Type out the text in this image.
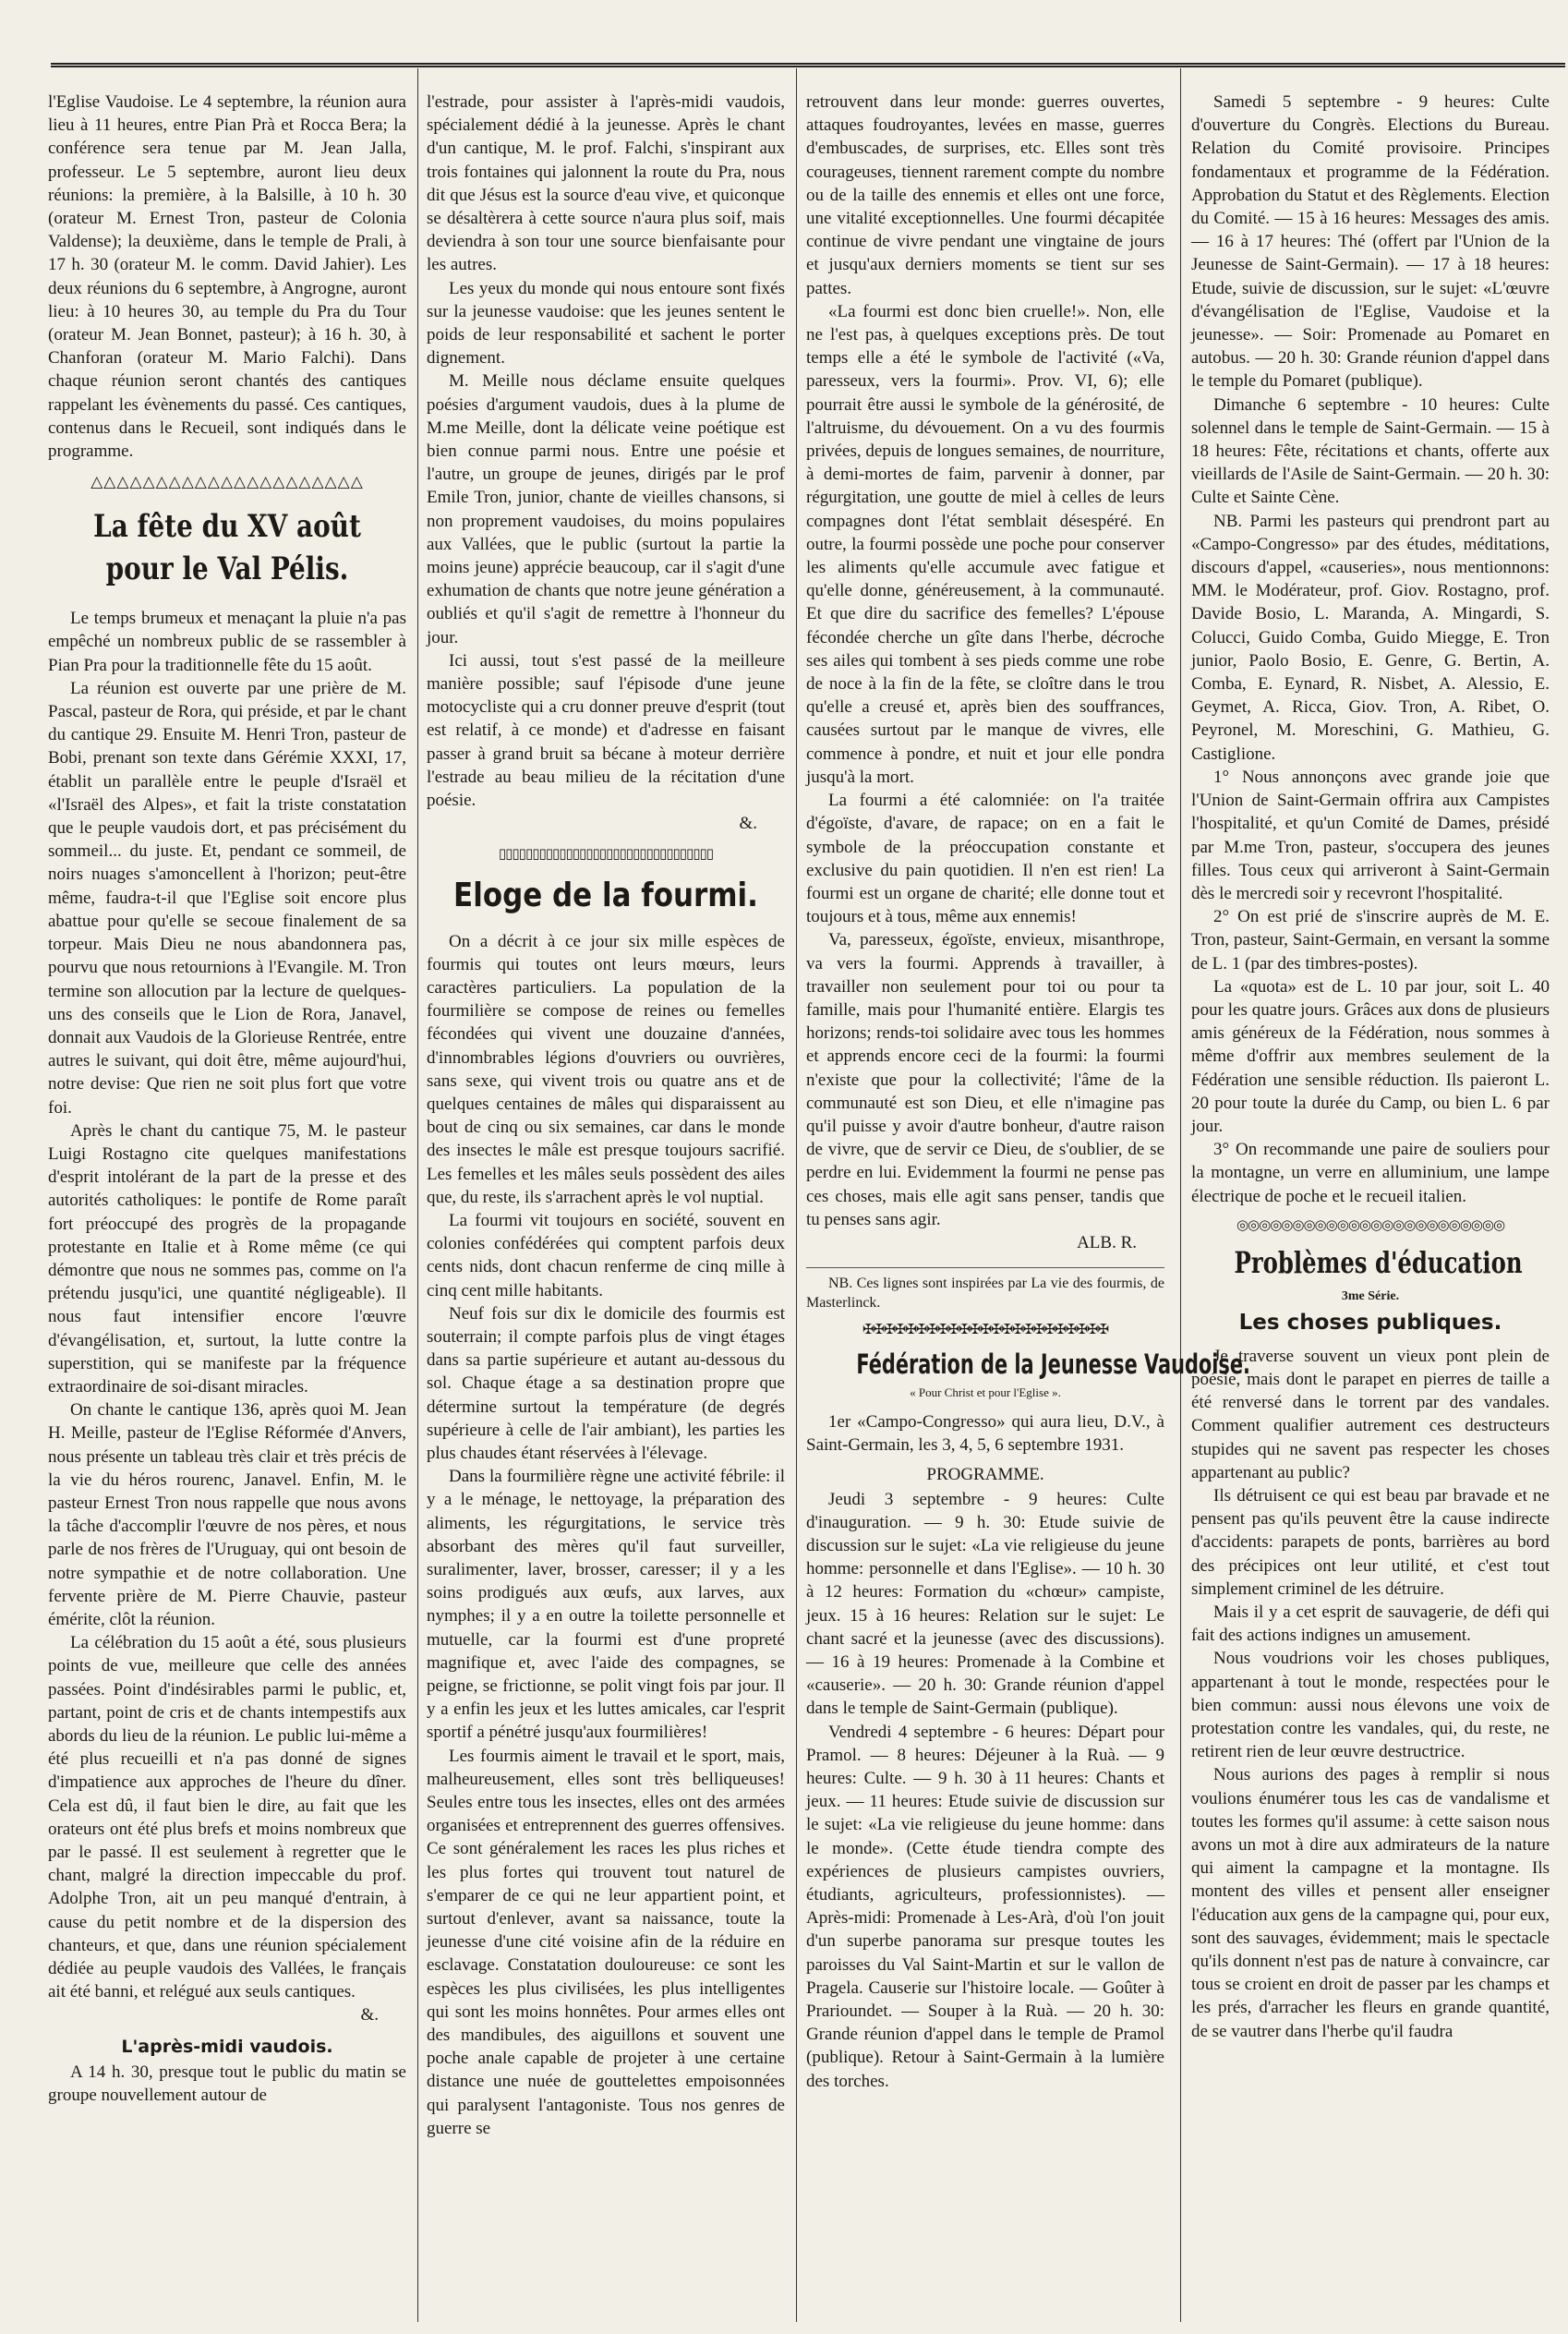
l'Eglise Vaudoise. Le 4 septembre, la réunion aura lieu à 11 heures, entre Pian Prà et Rocca Bera; la conférence sera tenue par M. Jean Jalla, professeur. Le 5 septembre, auront lieu deux réunions: la première, à la Balsille, à 10 h. 30 (orateur M. Ernest Tron, pasteur de Colonia Valdense); la deuxième, dans le temple de Prali, à 17 h. 30 (orateur M. le comm. David Jahier). Les deux réunions du 6 septembre, à Angrogne, auront lieu: à 10 heures 30, au temple du Pra du Tour (orateur M. Jean Bonnet, pasteur); à 16 h. 30, à Chanforan (orateur M. Mario Falchi). Dans chaque réunion seront chantés des cantiques rappelant les évènements du passé. Ces cantiques, contenus dans le Recueil, sont indiqués dans le programme.

△△△△△△△△△△△△△△△△△△△△△
La fête du XV août
pour le Val Pélis.

Le temps brumeux et menaçant la pluie n'a pas empêché un nombreux public de se rassembler à Pian Pra pour la traditionnelle fête du 15 août.

La réunion est ouverte par une prière de M. Pascal, pasteur de Rora, qui préside, et par le chant du cantique 29. Ensuite M. Henri Tron, pasteur de Bobi, prenant son texte dans Gérémie XXXI, 17, établit un parallèle entre le peuple d'Israël et «l'Israël des Alpes», et fait la triste constatation que le peuple vaudois dort, et pas précisément du sommeil... du juste. Et, pendant ce sommeil, de noirs nuages s'amoncellent à l'horizon; peut-être même, faudra-t-il que l'Eglise soit encore plus abattue pour qu'elle se secoue finalement de sa torpeur. Mais Dieu ne nous abandonnera pas, pourvu que nous retournions à l'Evangile. M. Tron termine son allocution par la lecture de quelques-uns des conseils que le Lion de Rora, Janavel, donnait aux Vaudois de la Glorieuse Rentrée, entre autres le suivant, qui doit être, même aujourd'hui, notre devise: Que rien ne soit plus fort que votre foi.

Après le chant du cantique 75, M. le pasteur Luigi Rostagno cite quelques manifestations d'esprit intolérant de la part de la presse et des autorités catholiques: le pontife de Rome paraît fort préoccupé des progrès de la propagande protestante en Italie et à Rome même (ce qui démontre que nous ne sommes pas, comme on l'a prétendu jusqu'ici, une quantité négligeable). Il nous faut intensifier encore l'œuvre d'évangélisation, et, surtout, la lutte contre la superstition, qui se manifeste par la fréquence extraordinaire de soi-disant miracles.

On chante le cantique 136, après quoi M. Jean H. Meille, pasteur de l'Eglise Réformée d'Anvers, nous présente un tableau très clair et très précis de la vie du héros rourenc, Janavel. Enfin, M. le pasteur Ernest Tron nous rappelle que nous avons la tâche d'accomplir l'œuvre de nos pères, et nous parle de nos frères de l'Uruguay, qui ont besoin de notre sympathie et de notre collaboration. Une fervente prière de M. Pierre Chauvie, pasteur émérite, clôt la réunion.

La célébration du 15 août a été, sous plusieurs points de vue, meilleure que celle des années passées. Point d'indésirables parmi le public, et, partant, point de cris et de chants intempestifs aux abords du lieu de la réunion. Le public lui-même a été plus recueilli et n'a pas donné de signes d'impatience aux approches de l'heure du dîner. Cela est dû, il faut bien le dire, au fait que les orateurs ont été plus brefs et moins nombreux que par le passé. Il est seulement à regretter que le chant, malgré la direction impeccable du prof. Adolphe Tron, ait un peu manqué d'entrain, à cause du petit nombre et de la dispersion des chanteurs, et que, dans une réunion spécialement dédiée au peuple vaudois des Vallées, le français ait été banni, et relégué aux seuls cantiques.

&.
L'après-midi vaudois.

A 14 h. 30, presque tout le public du matin se groupe nouvellement autour de

l'estrade, pour assister à l'après-midi vaudois, spécialement dédié à la jeunesse. Après le chant d'un cantique, M. le prof. Falchi, s'inspirant aux trois fontaines qui jalonnent la route du Pra, nous dit que Jésus est la source d'eau vive, et quiconque se désaltèrera à cette source n'aura plus soif, mais deviendra à son tour une source bienfaisante pour les autres.

Les yeux du monde qui nous entoure sont fixés sur la jeunesse vaudoise: que les jeunes sentent le poids de leur responsabilité et sachent le porter dignement.

M. Meille nous déclame ensuite quelques poésies d'argument vaudois, dues à la plume de M.me Meille, dont la délicate veine poétique est bien connue parmi nous. Entre une poésie et l'autre, un groupe de jeunes, dirigés par le prof Emile Tron, junior, chante de vieilles chansons, si non proprement vaudoises, du moins populaires aux Vallées, que le public (surtout la partie la moins jeune) apprécie beaucoup, car il s'agit d'une exhumation de chants que notre jeune génération a oubliés et qu'il s'agit de remettre à l'honneur du jour.

Ici aussi, tout s'est passé de la meilleure manière possible; sauf l'épisode d'une jeune motocycliste qui a cru donner preuve d'esprit (tout est relatif, à ce monde) et d'adresse en faisant passer à grand bruit sa bécane à moteur derrière l'estrade au beau milieu de la récitation d'une poésie.

&.
▯▯▯▯▯▯▯▯▯▯▯▯▯▯▯▯▯▯▯▯▯▯▯▯▯▯▯▯▯▯▯▯
Eloge de la fourmi.

On a décrit à ce jour six mille espèces de fourmis qui toutes ont leurs mœurs, leurs caractères particuliers. La population de la fourmilière se compose de reines ou femelles fécondées qui vivent une douzaine d'années, d'innombrables légions d'ouvriers ou ouvrières, sans sexe, qui vivent trois ou quatre ans et de quelques centaines de mâles qui disparaissent au bout de cinq ou six semaines, car dans le monde des insectes le mâle est presque toujours sacrifié. Les femelles et les mâles seuls possèdent des ailes que, du reste, ils s'arrachent après le vol nuptial.

La fourmi vit toujours en société, souvent en colonies confédérées qui comptent parfois deux cents nids, dont chacun renferme de cinq mille à cinq cent mille habitants.

Neuf fois sur dix le domicile des fourmis est souterrain; il compte parfois plus de vingt étages dans sa partie supérieure et autant au-dessous du sol. Chaque étage a sa destination propre que détermine surtout la température (de degrés supérieure à celle de l'air ambiant), les parties les plus chaudes étant réservées à l'élevage.

Dans la fourmilière règne une activité fébrile: il y a le ménage, le nettoyage, la préparation des aliments, les régurgitations, le service très absorbant des mères qu'il faut surveiller, suralimenter, laver, brosser, caresser; il y a les soins prodigués aux œufs, aux larves, aux nymphes; il y a en outre la toilette personnelle et mutuelle, car la fourmi est d'une propreté magnifique et, avec l'aide des compagnes, se peigne, se frictionne, se polit vingt fois par jour. Il y a enfin les jeux et les luttes amicales, car l'esprit sportif a pénétré jusqu'aux fourmilières!

Les fourmis aiment le travail et le sport, mais, malheureusement, elles sont très belliqueuses! Seules entre tous les insectes, elles ont des armées organisées et entreprennent des guerres offensives. Ce sont généralement les races les plus riches et les plus fortes qui trouvent tout naturel de s'emparer de ce qui ne leur appartient point, et surtout d'enlever, avant sa naissance, toute la jeunesse d'une cité voisine afin de la réduire en esclavage. Constatation douloureuse: ce sont les espèces les plus civilisées, les plus intelligentes qui sont les moins honnêtes. Pour armes elles ont des mandibules, des aiguillons et souvent une poche anale capable de projeter à une certaine distance une nuée de gouttelettes empoisonnées qui paralysent l'antagoniste. Tous nos genres de guerre se

retrouvent dans leur monde: guerres ouvertes, attaques foudroyantes, levées en masse, guerres d'embuscades, de surprises, etc. Elles sont très courageuses, tiennent rarement compte du nombre ou de la taille des ennemis et elles ont une force, une vitalité exceptionnelles. Une fourmi décapitée continue de vivre pendant une vingtaine de jours et jusqu'aux derniers moments se tient sur ses pattes.

«La fourmi est donc bien cruelle!». Non, elle ne l'est pas, à quelques exceptions près. De tout temps elle a été le symbole de l'activité («Va, paresseux, vers la fourmi». Prov. VI, 6); elle pourrait être aussi le symbole de la générosité, de l'altruisme, du dévouement. On a vu des fourmis privées, depuis de longues semaines, de nourriture, à demi-mortes de faim, parvenir à donner, par régurgitation, une goutte de miel à celles de leurs compagnes dont l'état semblait désespéré. En outre, la fourmi possède une poche pour conserver les aliments qu'elle accumule avec fatigue et qu'elle donne, généreusement, à la communauté. Et que dire du sacrifice des femelles? L'épouse fécondée cherche un gîte dans l'herbe, décroche ses ailes qui tombent à ses pieds comme une robe de noce à la fin de la fête, se cloître dans le trou qu'elle a creusé et, après bien des souffrances, causées surtout par le manque de vivres, elle commence à pondre, et nuit et jour elle pondra jusqu'à la mort.

La fourmi a été calomniée: on l'a traitée d'égoïste, d'avare, de rapace; on en a fait le symbole de la préoccupation constante et exclusive du pain quotidien. Il n'en est rien! La fourmi est un organe de charité; elle donne tout et toujours et à tous, même aux ennemis!

Va, paresseux, égoïste, envieux, misanthrope, va vers la fourmi. Apprends à travailler, à travailler non seulement pour toi ou pour ta famille, mais pour l'humanité entière. Elargis tes horizons; rends-toi solidaire avec tous les hommes et apprends encore ceci de la fourmi: la fourmi n'existe que pour la collectivité; l'âme de la communauté est son Dieu, et elle n'imagine pas qu'il puisse y avoir d'autre bonheur, d'autre raison de vivre, que de servir ce Dieu, de s'oublier, de se perdre en lui. Evidemment la fourmi ne pense pas ces choses, mais elle agit sans penser, tandis que tu penses sans agir.

ALB. R.

NB. Ces lignes sont inspirées par La vie des fourmis, de Masterlinck.

✠✠✠✠✠✠✠✠✠✠✠✠✠✠✠✠✠✠✠✠✠✠✠
Fédération de la Jeunesse Vaudoise.
« Pour Christ et pour l'Eglise ».

1er «Campo-Congresso» qui aura lieu, D.V., à Saint-Germain, les 3, 4, 5, 6 septembre 1931.

PROGRAMME.

Jeudi 3 septembre - 9 heures: Culte d'inauguration. — 9 h. 30: Etude suivie de discussion sur le sujet: «La vie religieuse du jeune homme: personnelle et dans l'Eglise». — 10 h. 30 à 12 heures: Formation du «chœur» campiste, jeux. 15 à 16 heures: Relation sur le sujet: Le chant sacré et la jeunesse (avec des discussions). — 16 à 19 heures: Promenade à la Combine et «causerie». — 20 h. 30: Grande réunion d'appel dans le temple de Saint-Germain (publique).

Vendredi 4 septembre - 6 heures: Départ pour Pramol. — 8 heures: Déjeuner à la Ruà. — 9 heures: Culte. — 9 h. 30 à 11 heures: Chants et jeux. — 11 heures: Etude suivie de discussion sur le sujet: «La vie religieuse du jeune homme: dans le monde». (Cette étude tiendra compte des expériences de plusieurs campistes ouvriers, étudiants, agriculteurs, professionnistes). — Après-midi: Promenade à Les-Arà, d'où l'on jouit d'un superbe panorama sur presque toutes les paroisses du Val Saint-Martin et sur le vallon de Pragela. Causerie sur l'histoire locale. — Goûter à Prarioundet. — Souper à la Ruà. — 20 h. 30: Grande réunion d'appel dans le temple de Pramol (publique). Retour à Saint-Germain à la lumière des torches.

Samedi 5 septembre - 9 heures: Culte d'ouverture du Congrès. Elections du Bureau. Relation du Comité provisoire. Principes fondamentaux et programme de la Fédération. Approbation du Statut et des Règlements. Election du Comité. — 15 à 16 heures: Messages des amis. — 16 à 17 heures: Thé (offert par l'Union de la Jeunesse de Saint-Germain). — 17 à 18 heures: Etude, suivie de discussion, sur le sujet: «L'œuvre d'évangélisation de l'Eglise, Vaudoise et la jeunesse». — Soir: Promenade au Pomaret en autobus. — 20 h. 30: Grande réunion d'appel dans le temple du Pomaret (publique).

Dimanche 6 septembre - 10 heures: Culte solennel dans le temple de Saint-Germain. — 15 à 18 heures: Fête, récitations et chants, offerte aux vieillards de l'Asile de Saint-Germain. — 20 h. 30: Culte et Sainte Cène.

NB. Parmi les pasteurs qui prendront part au «Campo-Congresso» par des études, méditations, discours d'appel, «causeries», nous mentionnons: MM. le Modérateur, prof. Giov. Rostagno, prof. Davide Bosio, L. Maranda, A. Mingardi, S. Colucci, Guido Comba, Guido Miegge, E. Tron junior, Paolo Bosio, E. Genre, G. Bertin, A. Comba, E. Eynard, R. Nisbet, A. Alessio, E. Geymet, A. Ricca, Giov. Tron, A. Ribet, O. Peyronel, M. Moreschini, G. Mathieu, G. Castiglione.

1° Nous annonçons avec grande joie que l'Union de Saint-Germain offrira aux Campistes l'hospitalité, et qu'un Comité de Dames, présidé par M.me Tron, pasteur, s'occupera des jeunes filles. Tous ceux qui arriveront à Saint-Germain dès le mercredi soir y recevront l'hospitalité.

2° On est prié de s'inscrire auprès de M. E. Tron, pasteur, Saint-Germain, en versant la somme de L. 1 (par des timbres-postes).

La «quota» est de L. 10 par jour, soit L. 40 pour les quatre jours. Grâces aux dons de plusieurs amis généreux de la Fédération, nous sommes à même d'offrir aux membres seulement de la Fédération une sensible réduction. Ils paieront L. 20 pour toute la durée du Camp, ou bien L. 6 par jour.

3° On recommande une paire de souliers pour la montagne, un verre en alluminium, une lampe électrique de poche et le recueil italien.

◎◎◎◎◎◎◎◎◎◎◎◎◎◎◎◎◎◎◎◎◎◎◎◎
Problèmes d'éducation
3me Série.
Les choses publiques.

Je traverse souvent un vieux pont plein de poésie, mais dont le parapet en pierres de taille a été renversé dans le torrent par des vandales. Comment qualifier autrement ces destructeurs stupides qui ne savent pas respecter les choses appartenant au public?

Ils détruisent ce qui est beau par bravade et ne pensent pas qu'ils peuvent être la cause indirecte d'accidents: parapets de ponts, barrières au bord des précipices ont leur utilité, et c'est tout simplement criminel de les détruire.

Mais il y a cet esprit de sauvagerie, de défi qui fait des actions indignes un amusement.

Nous voudrions voir les choses publiques, appartenant à tout le monde, respectées pour le bien commun: aussi nous élevons une voix de protestation contre les vandales, qui, du reste, ne retirent rien de leur œuvre destructrice.

Nous aurions des pages à remplir si nous voulions énumérer tous les cas de vandalisme et toutes les formes qu'il assume: à cette saison nous avons un mot à dire aux admirateurs de la nature qui aiment la campagne et la montagne. Ils montent des villes et pensent aller enseigner l'éducation aux gens de la campagne qui, pour eux, sont des sauvages, évidemment; mais le spectacle qu'ils donnent n'est pas de nature à convaincre, car tous se croient en droit de passer par les champs et les prés, d'arracher les fleurs en grande quantité, de se vautrer dans l'herbe qu'il faudra
